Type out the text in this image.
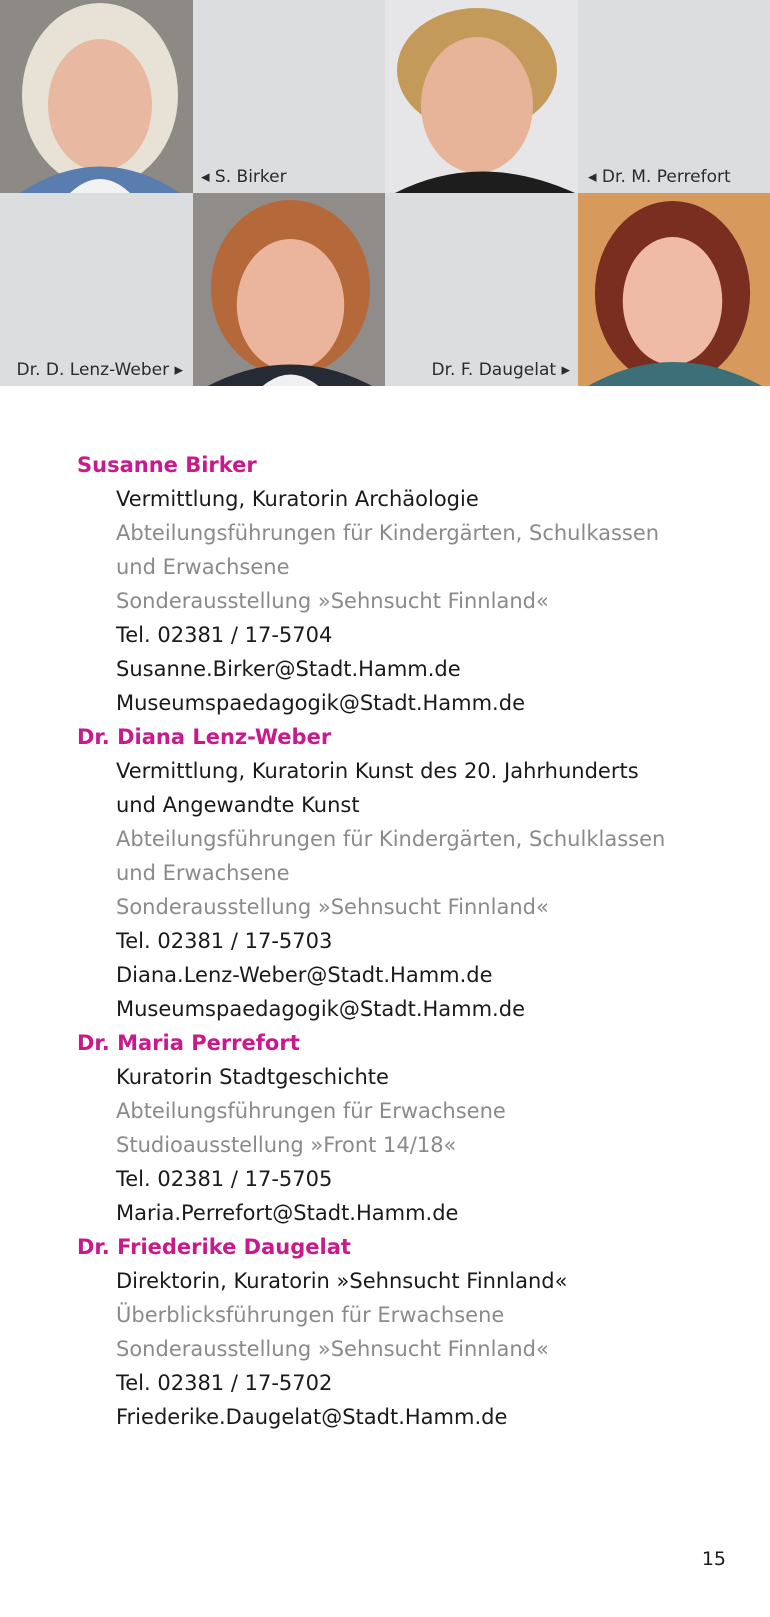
◂ S. Birker	◂ Dr. M. Perrefort
Dr. D. Lenz-Weber ▸	Dr. F. Daugelat ▸
Susanne Birker
Vermittlung, Kuratorin Archäologie
Abteilungsführungen für Kindergärten, Schulkassen
und Erwachsene
Sonderausstellung »Sehnsucht Finnland«
Tel. 02381 / 17-5704
Susanne.Birker@Stadt.Hamm.de
Museumspaedagogik@Stadt.Hamm.de
Dr. Diana Lenz-Weber
Vermittlung, Kuratorin Kunst des 20. Jahrhunderts
und Angewandte Kunst
Abteilungsführungen für Kindergärten, Schulklassen
und Erwachsene
Sonderausstellung »Sehnsucht Finnland«
Tel. 02381 / 17-5703
Diana.Lenz-Weber@Stadt.Hamm.de
Museumspaedagogik@Stadt.Hamm.de
Dr. Maria Perrefort
Kuratorin Stadtgeschichte
Abteilungsführungen für Erwachsene
Studioausstellung »Front 14/18«
Tel. 02381 / 17-5705
Maria.Perrefort@Stadt.Hamm.de
Dr. Friederike Daugelat
Direktorin, Kuratorin »Sehnsucht Finnland«
Überblicksführungen für Erwachsene
Sonderausstellung »Sehnsucht Finnland«
Tel. 02381 / 17-5702
Friederike.Daugelat@Stadt.Hamm.de
15
